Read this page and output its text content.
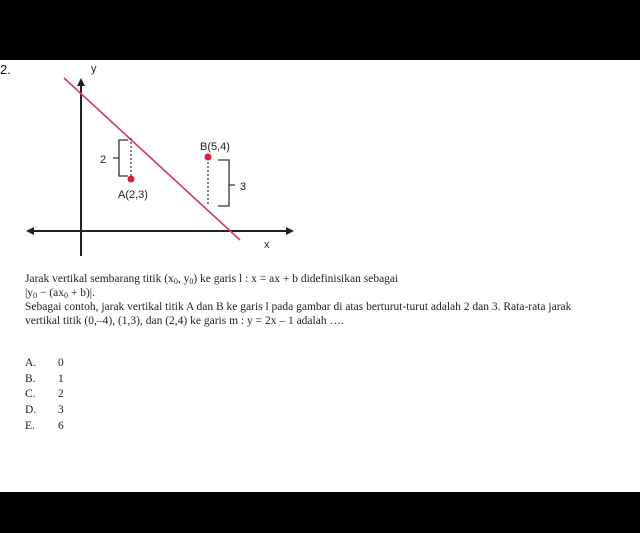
2.	y
x
A(2,3)
B(5,4)
2
3

Jarak vertikal sembarang titik ($x_0$, $y_0$) ke garis l : x = ax + b didefinisikan sebagai

$|y_0 - (ax_0 + b)|$.

Sebagai contoh, jarak vertikal titik A dan B ke garis l pada gambar di atas berturut-turut adalah 2 dan 3. Rata-rata jarak

vertikal titik (0,–4), (1,3), dan (2,4) ke garis m : y = 2x – 1 adalah ….

A.	0
B.	1
C.	2
D.	3
E.	6
